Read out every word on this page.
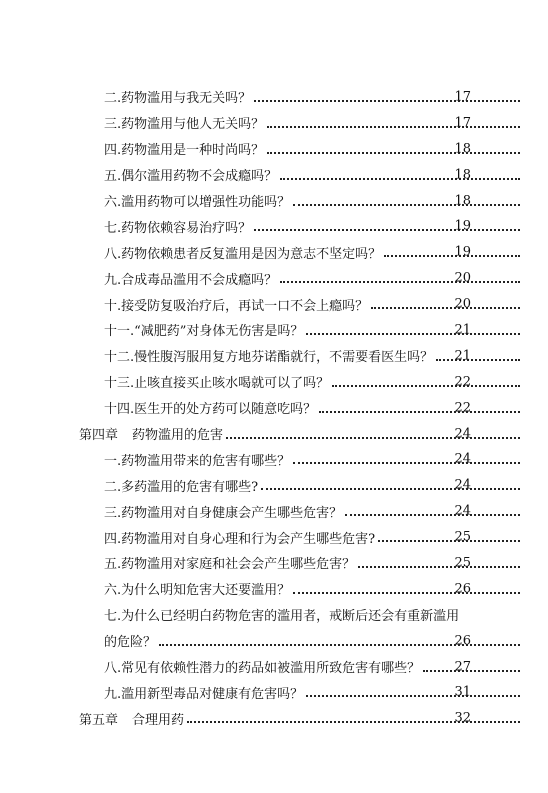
二.药物滥用与我无关吗？	17
三.药物滥用与他人无关吗？	17
四.药物滥用是一种时尚吗？	18
五.偶尔滥用药物不会成瘾吗？	18
六.滥用药物可以增强性功能吗？	18
七.药物依赖容易治疗吗？	19
八.药物依赖患者反复滥用是因为意志不坚定吗？	19
九.合成毒品滥用不会成瘾吗？	20
十.接受防复吸治疗后，再试一口不会上瘾吗？	20
十一.“减肥药”对身体无伤害是吗？	21
十二.慢性腹泻服用复方地芬诺酯就行，不需要看医生吗？ 21
十三.止咳直接买止咳水喝就可以了吗？	22
十四.医生开的处方药可以随意吃吗？	22
第四章 药物滥用的危害	24
一.药物滥用带来的危害有哪些？	24
二.多药滥用的危害有哪些?	24
三.药物滥用对自身健康会产生哪些危害？	24
四.药物滥用对自身心理和行为会产生哪些危害?	25
五.药物滥用对家庭和社会会产生哪些危害？	25
六.为什么明知危害大还要滥用？	26
七.为什么已经明白药物危害的滥用者，戒断后还会有重新滥用
的危险？	26
八.常见有依赖性潜力的药品如被滥用所致危害有哪些？	27
九.滥用新型毒品对健康有危害吗？	31
第五章 合理用药	32
